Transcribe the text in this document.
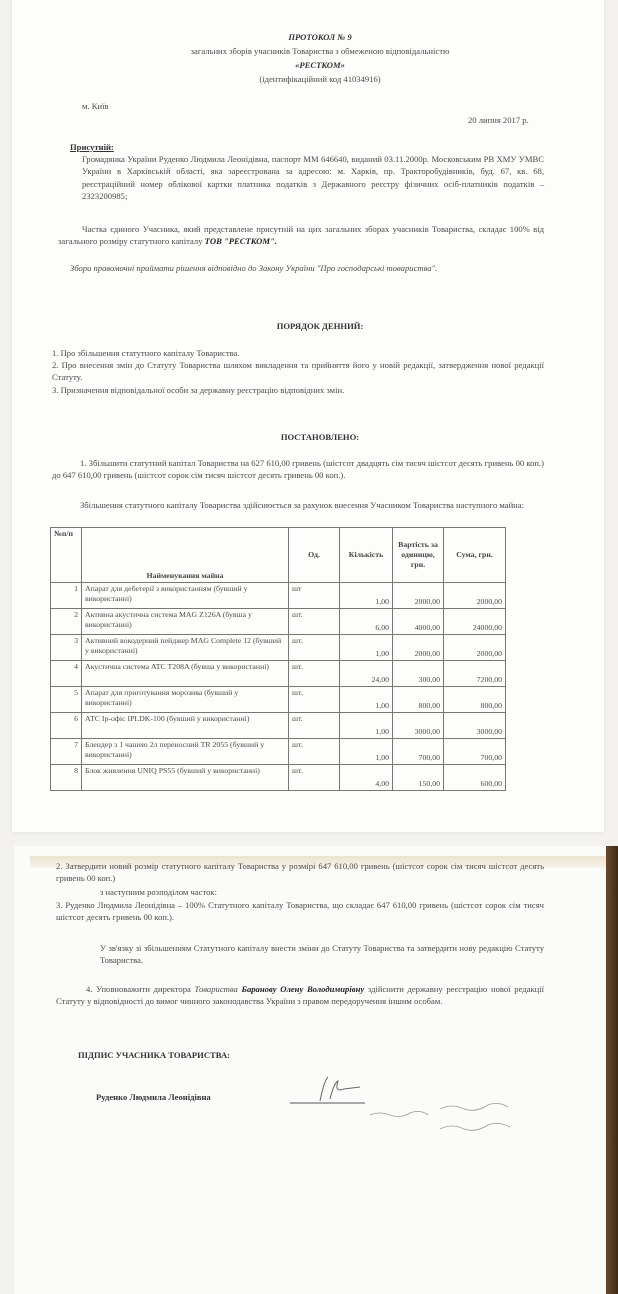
ПРОТОКОЛ № 9
загальних зборів учасників Товариства з обмеженою відповідальністю
«РЕСТКОМ»
(ідентифікаційний код 41034916)
м. Київ
20 липня 2017 р.
Присутній:
Громадянка України Руденко Людмила Леонідівна, паспорт ММ 646640, виданий 03.11.2000р. Московським РВ ХМУ УМВС України в Харківській області, яка зареєстрована за адресою: м. Харків, пр. Тракторобудівників, буд. 67, кв. 68, реєстраційний номер облікової картки платника податків з Державного реєстру фізичних осіб-платників податків – 2323200985;
Частка єдиного Учасника, який представлене присутній на цих загальних зборах учасників Товариства, складає 100% від загального розміру статутного капіталу ТОВ "РЕСТКОМ".
Збори правомочні приймати рішення відповідно до Закону України "Про господарські товариства".
ПОРЯДОК ДЕННИЙ:
1. Про збільшення статутного капіталу Товариства.
2. Про внесення змін до Статуту Товариства шляхом викладення та прийняття його у новій редакції, затвердження нової редакції Статуту.
3. Призначення відповідальної особи за державну реєстрацію відповідних змін.
ПОСТАНОВЛЕНО:
1. Збільшити статутний капітал Товариства на 627 610,00 гривень (шістсот двадцять сім тисяч шістсот десять гривень 00 коп.) до 647 610,00 гривень (шістсот сорок сім тисяч шістсот десять гривень 00 коп.).
Збільшення статутного капіталу Товариства здійснюється за рахунок внесення Учасником Товариства наступного майна:
№п/п	Найменування майна	Од.	Кількість	Вартість за одиницю, грн.	Сума, грн.
1	Апарат для дебетерії з використанням (бувший у використанні)	шт	1,00	2000,00	2000,00
2	Активна акустична система MAG Z126A (бувша у використанні)	шт.	6,00	4000,00	24000,00
3	Активний вокодерний пейджер MAG Complete 12 (бувший у використанні)	шт.	1,00	2000,00	2000,00
4	Акустична система ATC T208A (бувша у використанні)	шт.	24,00	300,00	7200,00
5	Апарат для приготування морозива (бувший у використанні)	шт.	1,00	800,00	800,00
6	АТС Ip-офіс IPLDK-100 (бувший у використанні)	шт.	1,00	3000,00	3000,00
7	Блендер з 1 чашею 2л переносний TR 2055 (бувший у використанні)	шт.	1,00	700,00	700,00
8	Блок живлення UNIQ PS55 (бувший у використанні)	шт.	4,00	150,00	600,00
2. Затвердити новий розмір статутного капіталу Товариства у розмірі 647 610,00 гривень (шістсот сорок сім тисяч шістсот десять гривень 00 коп.)
з наступним розподілом часток:
3. Руденко Людмила Леонідівна – 100% Статутного капіталу Товариства, що складає 647 610,00 гривень (шістсот сорок сім тисяч шістсот десять гривень 00 коп.).
У зв'язку зі збільшенням Статутного капіталу внести зміни до Статуту Товариства та затвердити нову редакцію Статуту Товариства.
4. Уповноважити директора Товариства Баранову Олену Володимирівну здійснити державну реєстрацію нової редакції Статуту у відповідності до вимог чинного законодавства України з правом передоручення іншим особам.
ПІДПИС УЧАСНИКА ТОВАРИСТВА:
Руденко Людмила Леонідівна
